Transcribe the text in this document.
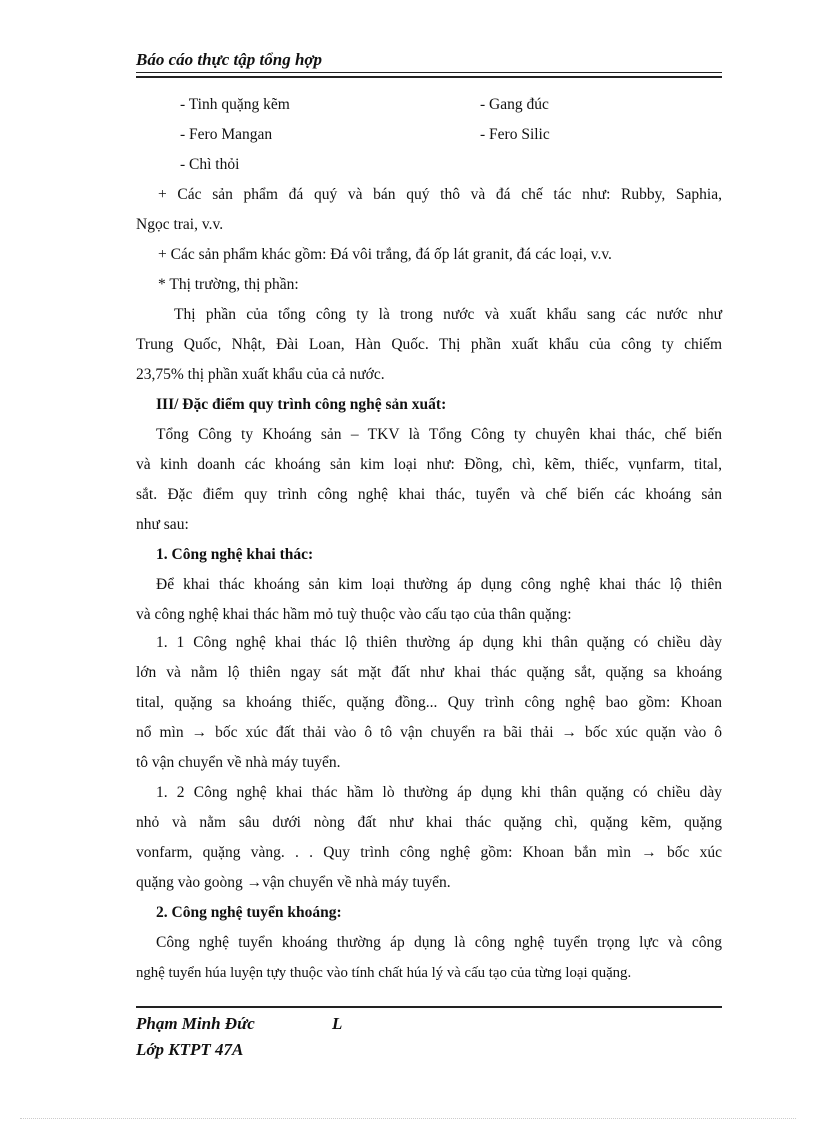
Báo cáo thực tập tổng hợp
- Tinh quặng kẽm	- Gang đúc
- Fero Mangan	- Fero Silic
- Chì thỏi
+ Các sản phẩm đá quý và bán quý thô và đá chế tác như: Rubby, Saphia,
Ngọc trai, v.v.
+ Các sản phẩm khác gồm: Đá vôi trắng, đá ốp lát granit, đá các loại, v.v.
* Thị trường, thị phần:
Thị phần của tổng công ty là trong nước và xuất khẩu sang các nước như
Trung Quốc, Nhật, Đài Loan, Hàn Quốc. Thị phần xuất khẩu của công ty chiếm
23,75% thị phần xuất khẩu của cả nước.
III/ Đặc điểm quy trình công nghệ sản xuất:
Tổng Công ty Khoáng sản – TKV là Tổng Công ty chuyên khai thác, chế biến
và kinh doanh các khoáng sản kim loại như: Đồng, chì, kẽm, thiếc, vụnfarm, tital,
sắt. Đặc điểm quy trình công nghệ khai thác, tuyển và chế biến các khoáng sản
như sau:
1. Công nghệ khai thác:
Để khai thác khoáng sản kim loại thường áp dụng công nghệ khai thác lộ thiên
và công nghệ khai thác hầm mỏ tuỳ thuộc vào cấu tạo của thân quặng:
1. 1 Công nghệ khai thác lộ thiên thường áp dụng khi thân quặng có chiều dày
lớn và nằm lộ thiên ngay sát mặt đất như khai thác quặng sắt, quặng sa khoáng
tital, quặng sa khoáng thiếc, quặng đồng... Quy trình công nghệ bao gồm: Khoan
nổ mìn → bốc xúc đất thải vào ô tô vận chuyển ra bãi thải → bốc xúc quặn vào ô
tô vận chuyển về nhà máy tuyển.
1. 2 Công nghệ khai thác hầm lò thường áp dụng khi thân quặng có chiều dày
nhỏ và nằm sâu dưới nòng đất như khai thác quặng chì, quặng kẽm, quặng
vonfarm, quặng vàng. . . Quy trình công nghệ gồm: Khoan bắn mìn → bốc xúc
quặng vào goòng →vận chuyển về nhà máy tuyển.
2. Công nghệ tuyển khoáng:
Công nghệ tuyển khoáng thường áp dụng là công nghệ tuyển trọng lực và công
nghệ tuyển húa luyện tựy thuộc vào tính chất húa lý và cấu tạo của từng loại quặng.
Phạm Minh Đức	L
Lớp KTPT 47A
